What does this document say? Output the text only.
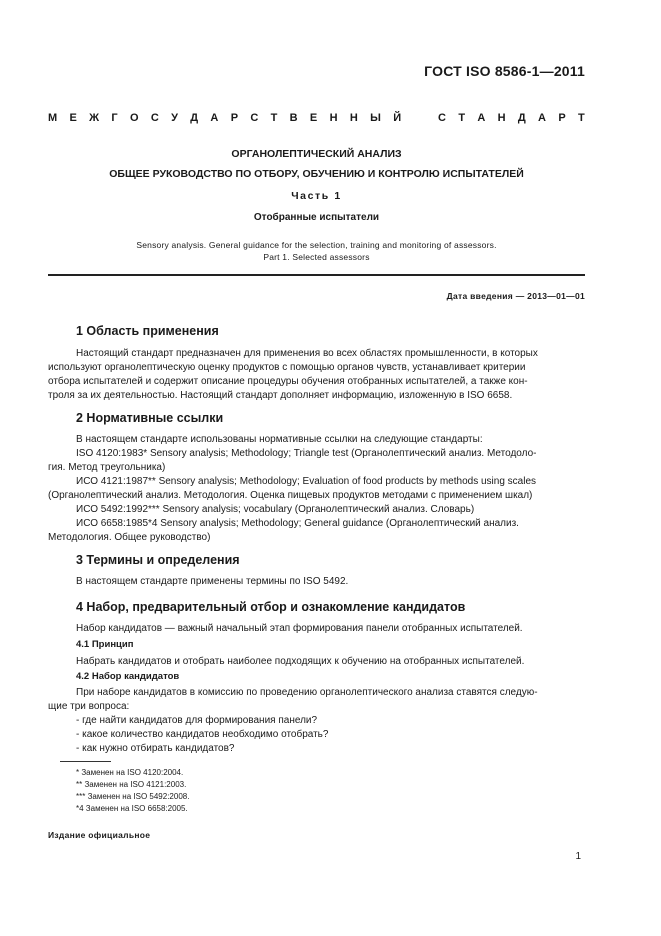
ГОСТ ISO 8586-1—2011
М Е Ж Г О С У Д А Р С Т В Е Н Н Ы Й	С Т А Н Д А Р Т
ОРГАНОЛЕПТИЧЕСКИЙ АНАЛИЗ
ОБЩЕЕ РУКОВОДСТВО ПО ОТБОРУ, ОБУЧЕНИЮ И КОНТРОЛЮ ИСПЫТАТЕЛЕЙ
Часть 1
Отобранные испытатели
Sensory analysis. General guidance for the selection, training and monitoring of assessors.
Part 1. Selected assessors
Дата введения — 2013—01—01
1 Область применения
Настоящий стандарт предназначен для применения во всех областях промышленности, в которых
используют органолептическую оценку продуктов с помощью органов чувств, устанавливает критерии
отбора испытателей и содержит описание процедуры обучения отобранных испытателей, а также кон-
троля за их деятельностью. Настоящий стандарт дополняет информацию, изложенную в ISO 6658.
2 Нормативные ссылки
В настоящем стандарте использованы нормативные ссылки на следующие стандарты:
ISO 4120:1983* Sensory analysis; Methodology; Triangle test (Органолептический анализ. Методоло-
гия. Метод треугольника)
ИСО 4121:1987** Sensory analysis; Methodology; Evaluation of food products by methods using scales
(Органолептический анализ. Методология. Оценка пищевых продуктов методами с применением шкал)
ИСО 5492:1992*** Sensory analysis; vocabulary (Органолептический анализ. Словарь)
ИСО 6658:1985*4 Sensory analysis; Methodology; General guidance (Органолептический анализ.
Методология. Общее руководство)
3 Термины и определения
В настоящем стандарте применены термины по ISO 5492.
4 Набор, предварительный отбор и ознакомление кандидатов
Набор кандидатов — важный начальный этап формирования панели отобранных испытателей.
4.1 Принцип
Набрать кандидатов и отобрать наиболее подходящих к обучению на отобранных испытателей.
4.2 Набор кандидатов
При наборе кандидатов в комиссию по проведению органолептического анализа ставятся следую-
щие три вопроса:
- где найти кандидатов для формирования панели?
- какое количество кандидатов необходимо отобрать?
- как нужно отбирать кандидатов?
* Заменен на ISO 4120:2004.
** Заменен на ISO 4121:2003.
*** Заменен на ISO 5492:2008.
*4 Заменен на ISO 6658:2005.
Издание официальное
1
